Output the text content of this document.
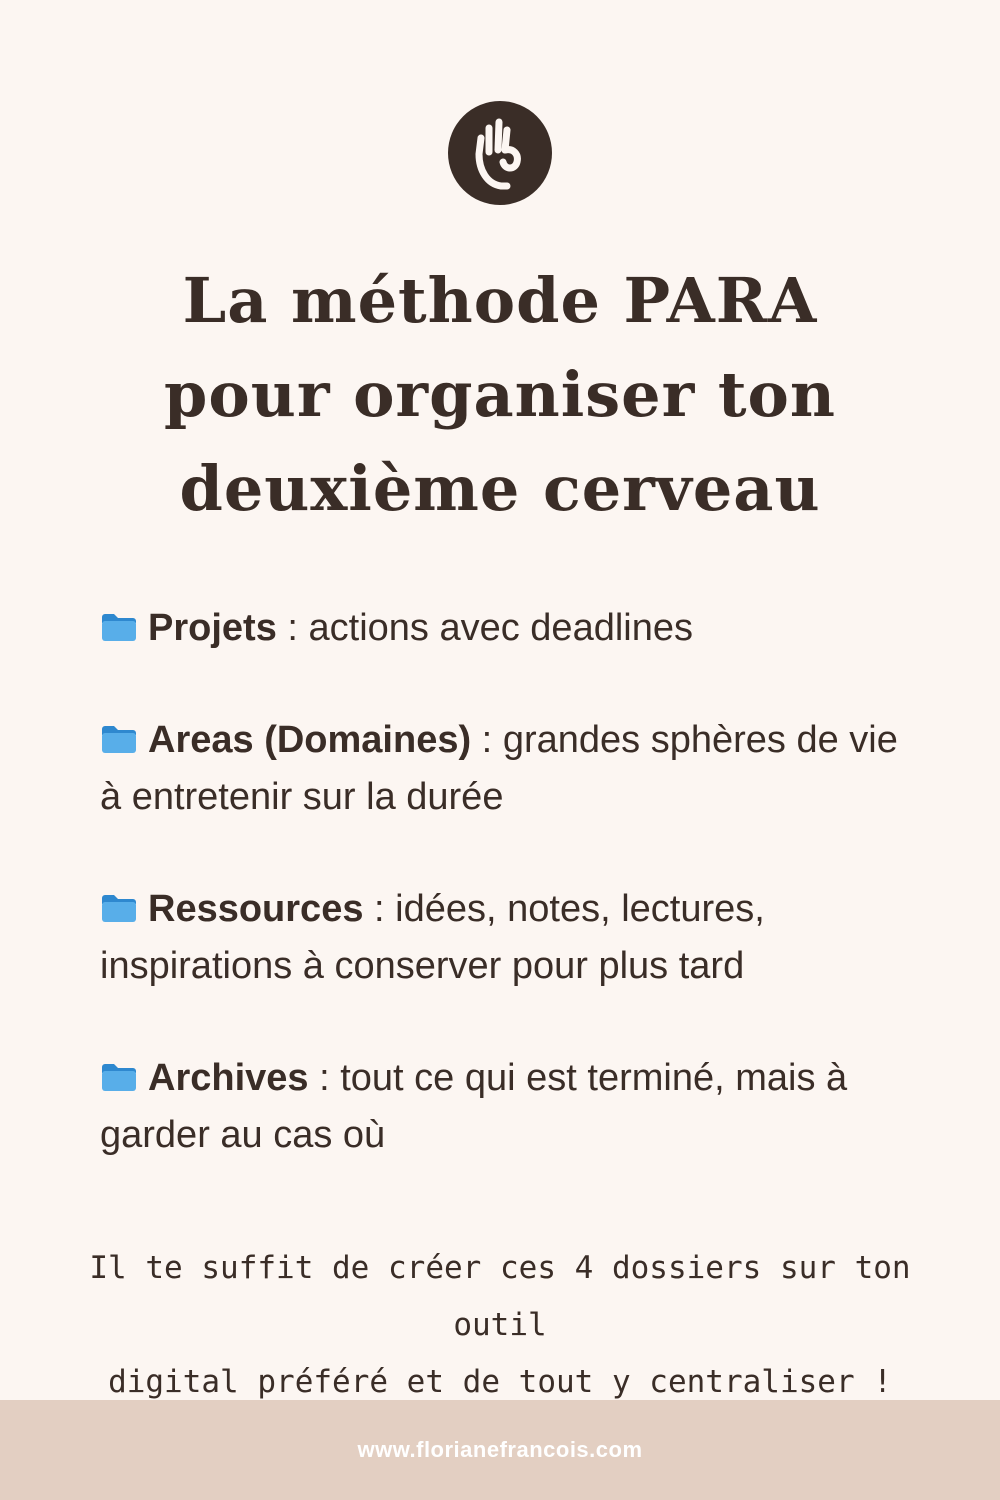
La méthode PARA
pour organiser ton
deuxième cerveau
Projets : actions avec deadlines
Areas (Domaines) : grandes sphères de vie à entretenir sur la durée
Ressources : idées, notes, lectures, inspirations à conserver pour plus tard
Archives : tout ce qui est terminé, mais à garder au cas où

Il te suffit de créer ces 4 dossiers sur ton outil
digital préféré et de tout y centraliser !

www.florianefrancois.com
